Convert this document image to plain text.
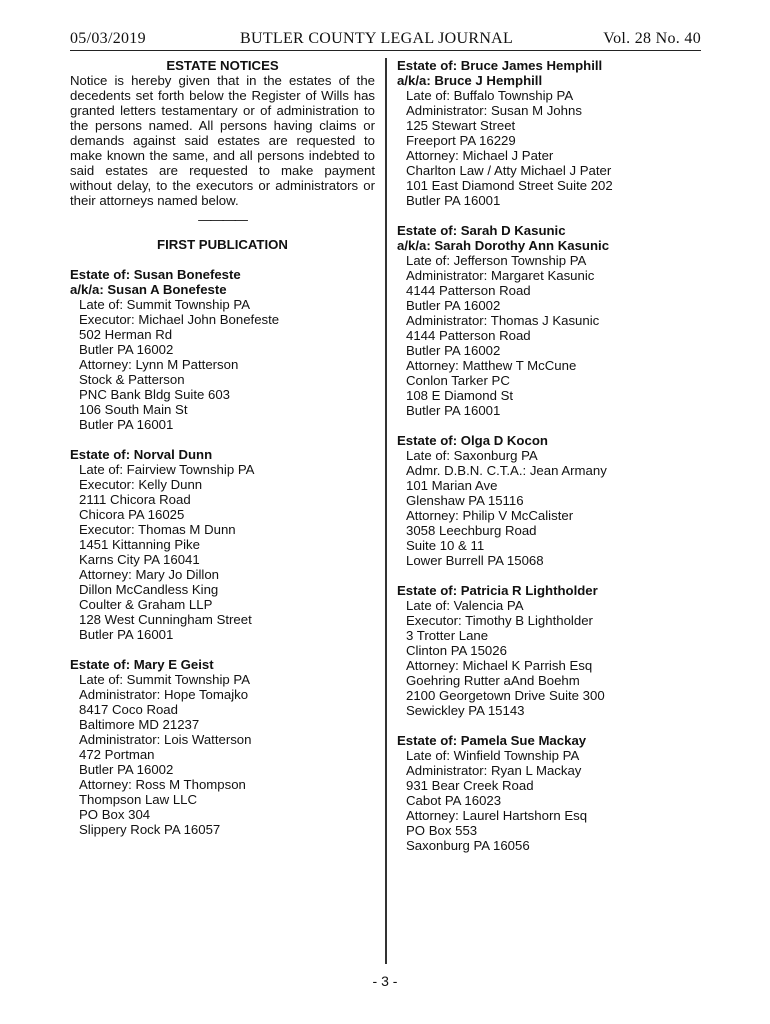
05/03/2019	BUTLER COUNTY LEGAL JOURNAL	Vol. 28 No. 40

ESTATE NOTICES

Notice is hereby given that in the estates of the decedents set forth below the Register of Wills has granted letters testamentary or of administration to the persons named. All persons having claims or demands against said estates are requested to make known the same, and all persons indebted to said estates are requested to make payment without delay, to the executors or administrators or their attorneys named below.

————

FIRST PUBLICATION

Estate of: Susan Bonefeste

a/k/a: Susan A Bonefeste

Late of: Summit Township PA

Executor: Michael John Bonefeste

502 Herman Rd

Butler PA 16002

Attorney: Lynn M Patterson

Stock & Patterson

PNC Bank Bldg Suite 603

106 South Main St

Butler PA 16001

Estate of: Norval Dunn

Late of: Fairview Township PA

Executor: Kelly Dunn

2111 Chicora Road

Chicora PA 16025

Executor: Thomas M Dunn

1451 Kittanning Pike

Karns City PA 16041

Attorney: Mary Jo Dillon

Dillon McCandless King

Coulter & Graham LLP

128 West Cunningham Street

Butler PA 16001

Estate of: Mary E Geist

Late of: Summit Township PA

Administrator: Hope Tomajko

8417 Coco Road

Baltimore MD 21237

Administrator: Lois Watterson

472 Portman

Butler PA 16002

Attorney: Ross M Thompson

Thompson Law LLC

PO Box 304

Slippery Rock PA 16057

Estate of: Bruce James Hemphill

a/k/a: Bruce J Hemphill

Late of: Buffalo Township PA

Administrator: Susan M Johns

125 Stewart Street

Freeport PA 16229

Attorney: Michael J Pater

Charlton Law / Atty Michael J Pater

101 East Diamond Street Suite 202

Butler PA 16001

Estate of: Sarah D Kasunic

a/k/a: Sarah Dorothy Ann Kasunic

Late of: Jefferson Township PA

Administrator: Margaret Kasunic

4144 Patterson Road

Butler PA 16002

Administrator: Thomas J Kasunic

4144 Patterson Road

Butler PA 16002

Attorney: Matthew T McCune

Conlon Tarker PC

108 E Diamond St

Butler PA 16001

Estate of: Olga D Kocon

Late of: Saxonburg PA

Admr. D.B.N. C.T.A.: Jean Armany

101 Marian Ave

Glenshaw PA 15116

Attorney: Philip V McCalister

3058 Leechburg Road

Suite 10 & 11

Lower Burrell PA 15068

Estate of: Patricia R Lightholder

Late of: Valencia PA

Executor: Timothy B Lightholder

3 Trotter Lane

Clinton PA 15026

Attorney: Michael K Parrish Esq

Goehring Rutter aAnd Boehm

2100 Georgetown Drive Suite 300

Sewickley PA 15143

Estate of: Pamela Sue Mackay

Late of: Winfield Township PA

Administrator: Ryan L Mackay

931 Bear Creek Road

Cabot PA 16023

Attorney: Laurel Hartshorn Esq

PO Box 553

Saxonburg PA 16056

- 3 -
